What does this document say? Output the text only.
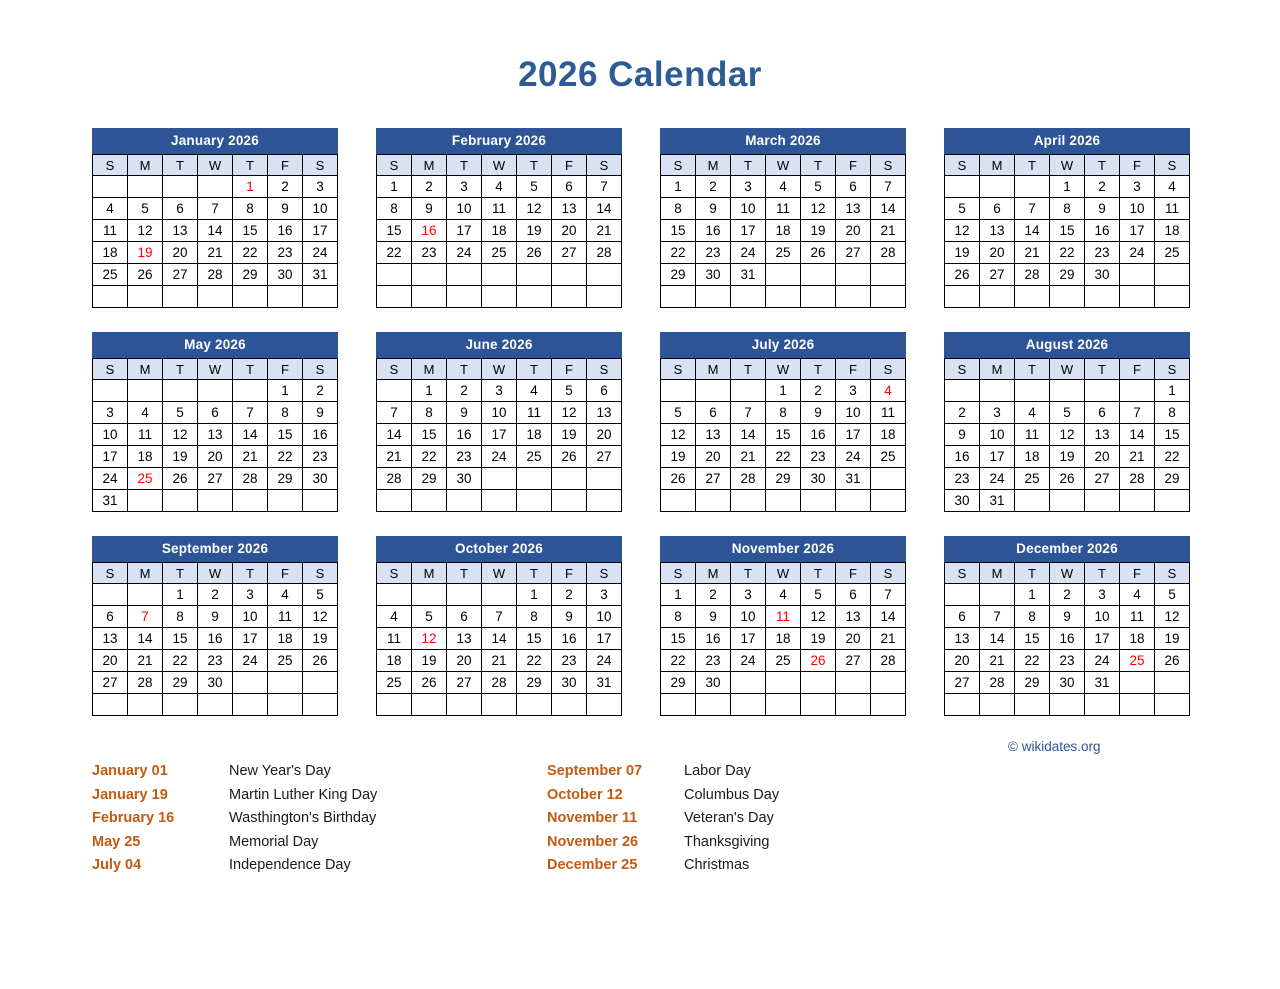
2026 Calendar
January 2026
S	M	T	W	T	F	S
				1	2	3
4	5	6	7	8	9	10
11	12	13	14	15	16	17
18	19	20	21	22	23	24
25	26	27	28	29	30	31

February 2026
S	M	T	W	T	F	S
1	2	3	4	5	6	7
8	9	10	11	12	13	14
15	16	17	18	19	20	21
22	23	24	25	26	27	28

March 2026
S	M	T	W	T	F	S
1	2	3	4	5	6	7
8	9	10	11	12	13	14
15	16	17	18	19	20	21
22	23	24	25	26	27	28
29	30	31				

April 2026
S	M	T	W	T	F	S
			1	2	3	4
5	6	7	8	9	10	11
12	13	14	15	16	17	18
19	20	21	22	23	24	25
26	27	28	29	30		

May 2026
S	M	T	W	T	F	S
					1	2
3	4	5	6	7	8	9
10	11	12	13	14	15	16
17	18	19	20	21	22	23
24	25	26	27	28	29	30
31						
June 2026
S	M	T	W	T	F	S
	1	2	3	4	5	6
7	8	9	10	11	12	13
14	15	16	17	18	19	20
21	22	23	24	25	26	27
28	29	30				

July 2026
S	M	T	W	T	F	S
			1	2	3	4
5	6	7	8	9	10	11
12	13	14	15	16	17	18
19	20	21	22	23	24	25
26	27	28	29	30	31	

August 2026
S	M	T	W	T	F	S
						1
2	3	4	5	6	7	8
9	10	11	12	13	14	15
16	17	18	19	20	21	22
23	24	25	26	27	28	29
30	31					
September 2026
S	M	T	W	T	F	S
		1	2	3	4	5
6	7	8	9	10	11	12
13	14	15	16	17	18	19
20	21	22	23	24	25	26
27	28	29	30			

October 2026
S	M	T	W	T	F	S
				1	2	3
4	5	6	7	8	9	10
11	12	13	14	15	16	17
18	19	20	21	22	23	24
25	26	27	28	29	30	31

November 2026
S	M	T	W	T	F	S
1	2	3	4	5	6	7
8	9	10	11	12	13	14
15	16	17	18	19	20	21
22	23	24	25	26	27	28
29	30					

December 2026
S	M	T	W	T	F	S
		1	2	3	4	5
6	7	8	9	10	11	12
13	14	15	16	17	18	19
20	21	22	23	24	25	26
27	28	29	30	31		

© wikidates.org
January 01	New Year's Day
January 19	Martin Luther King Day
February 16	Wasthington's Birthday
May 25	Memorial Day
July 04	Independence Day
September 07	Labor Day
October 12	Columbus Day
November 11	Veteran's Day
November 26	Thanksgiving
December 25	Christmas
